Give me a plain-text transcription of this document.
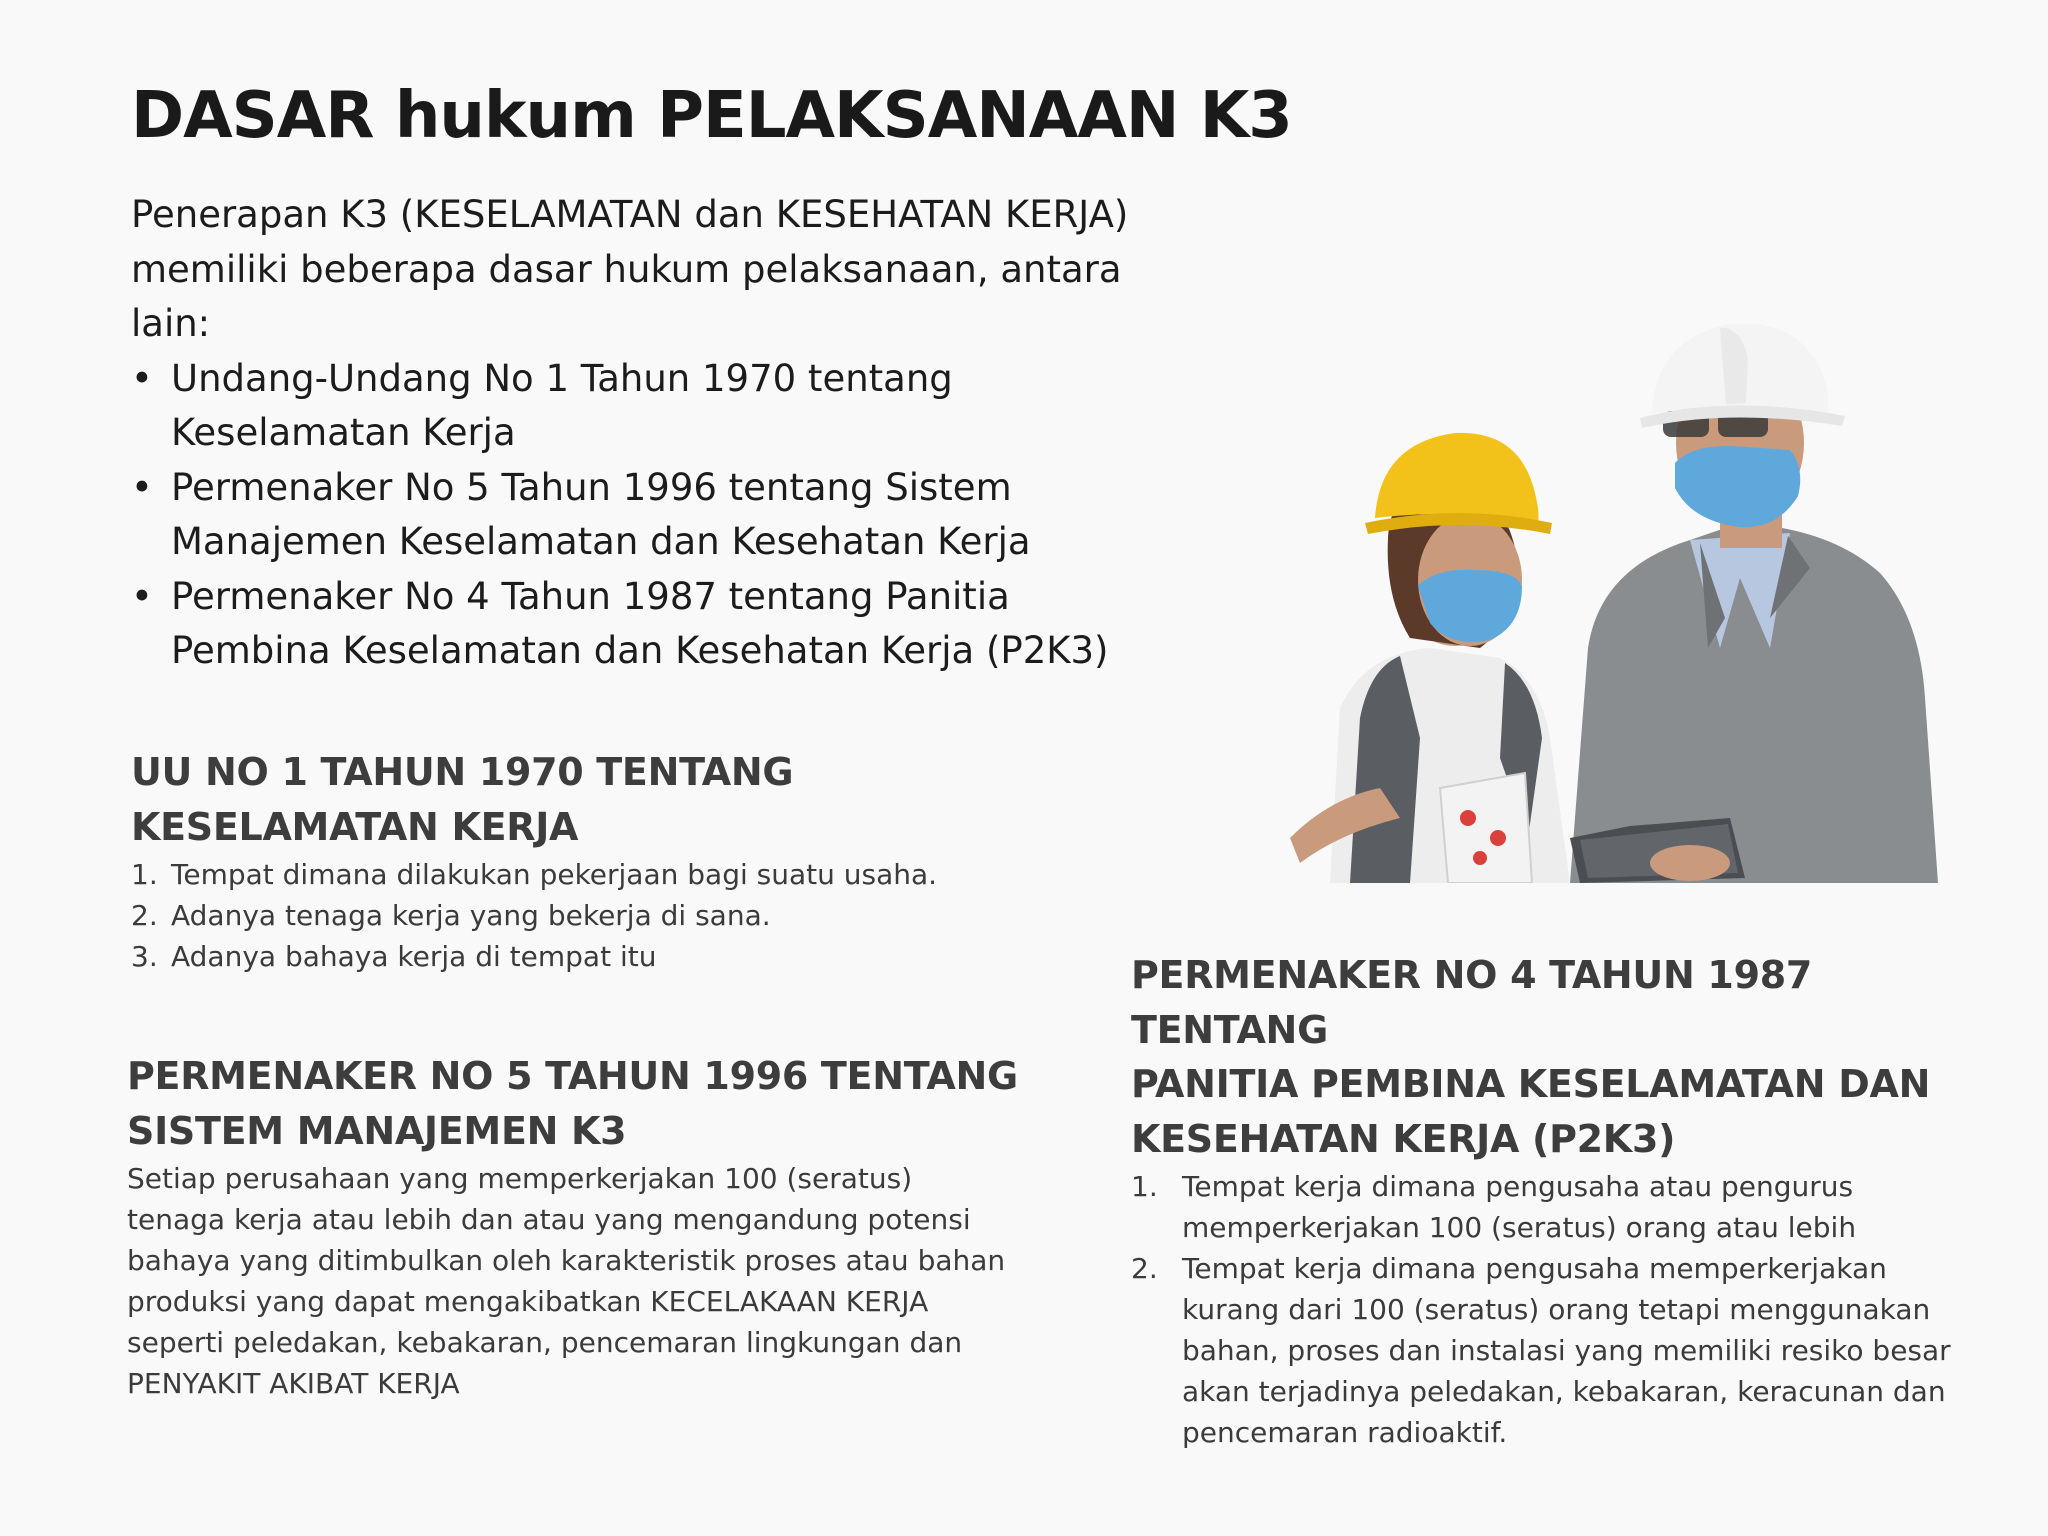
DASAR hukum PELAKSANAAN K3

Penerapan K3 (KESELAMATAN dan KESEHATAN KERJA) memiliki beberapa dasar hukum pelaksanaan, antara lain:

• Undang-Undang No 1 Tahun 1970 tentang Keselamatan Kerja
• Permenaker No 5 Tahun 1996 tentang Sistem Manajemen Keselamatan dan Kesehatan Kerja
• Permenaker No 4 Tahun 1987 tentang Panitia Pembina Keselamatan dan Kesehatan Kerja (P2K3)
UU NO 1 TAHUN 1970 TENTANG
KESELAMATAN KERJA
1. Tempat dimana dilakukan pekerjaan bagi suatu usaha.
2. Adanya tenaga kerja yang bekerja di sana.
3. Adanya bahaya kerja di tempat itu
PERMENAKER NO 5 TAHUN 1996 TENTANG
SISTEM MANAJEMEN K3

Setiap perusahaan yang memperkerjakan 100 (seratus) tenaga kerja atau lebih dan atau yang mengandung potensi bahaya yang ditimbulkan oleh karakteristik proses atau bahan produksi yang dapat mengakibatkan KECELAKAAN KERJA seperti peledakan, kebakaran, pencemaran lingkungan dan PENYAKIT AKIBAT KERJA

PERMENAKER NO 4 TAHUN 1987 TENTANG
PANITIA PEMBINA KESELAMATAN DAN
KESEHATAN KERJA (P2K3)
1. Tempat kerja dimana pengusaha atau pengurus memperkerjakan 100 (seratus) orang atau lebih
2. Tempat kerja dimana pengusaha memperkerjakan kurang dari 100 (seratus) orang tetapi menggunakan bahan, proses dan instalasi yang memiliki resiko besar akan terjadinya peledakan, kebakaran, keracunan dan pencemaran radioaktif.
